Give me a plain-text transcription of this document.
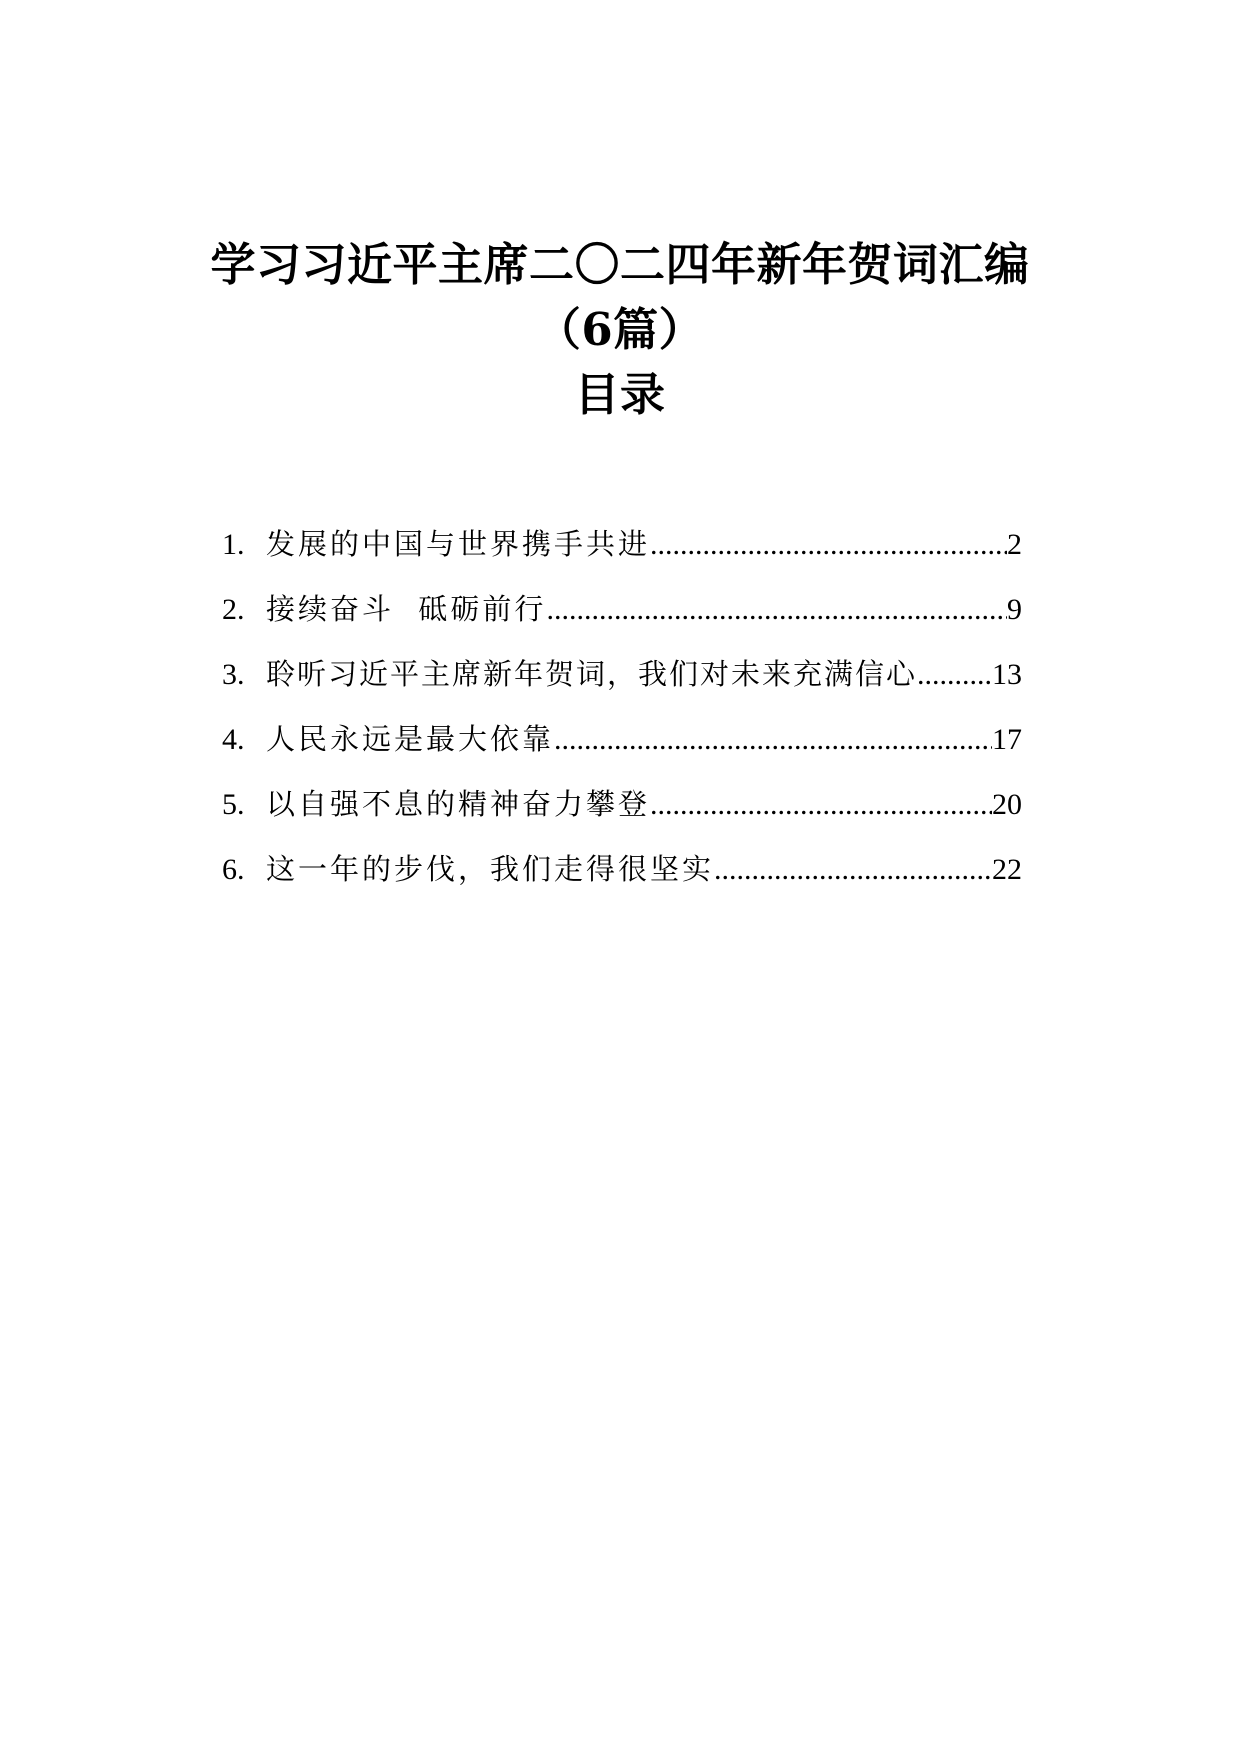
学习习近平主席二〇二四年新年贺词汇编
（6篇）
目录
1. 发展的中国与世界携手共进 .....	2
2. 接续奋斗  砥砺前行 .....	9
3. 聆听习近平主席新年贺词，我们对未来充满信心 ..... 13
4. 人民永远是最大依靠 .....	17
5. 以自强不息的精神奋力攀登 .....	20
6. 这一年的步伐，我们走得很坚实 .....	22
